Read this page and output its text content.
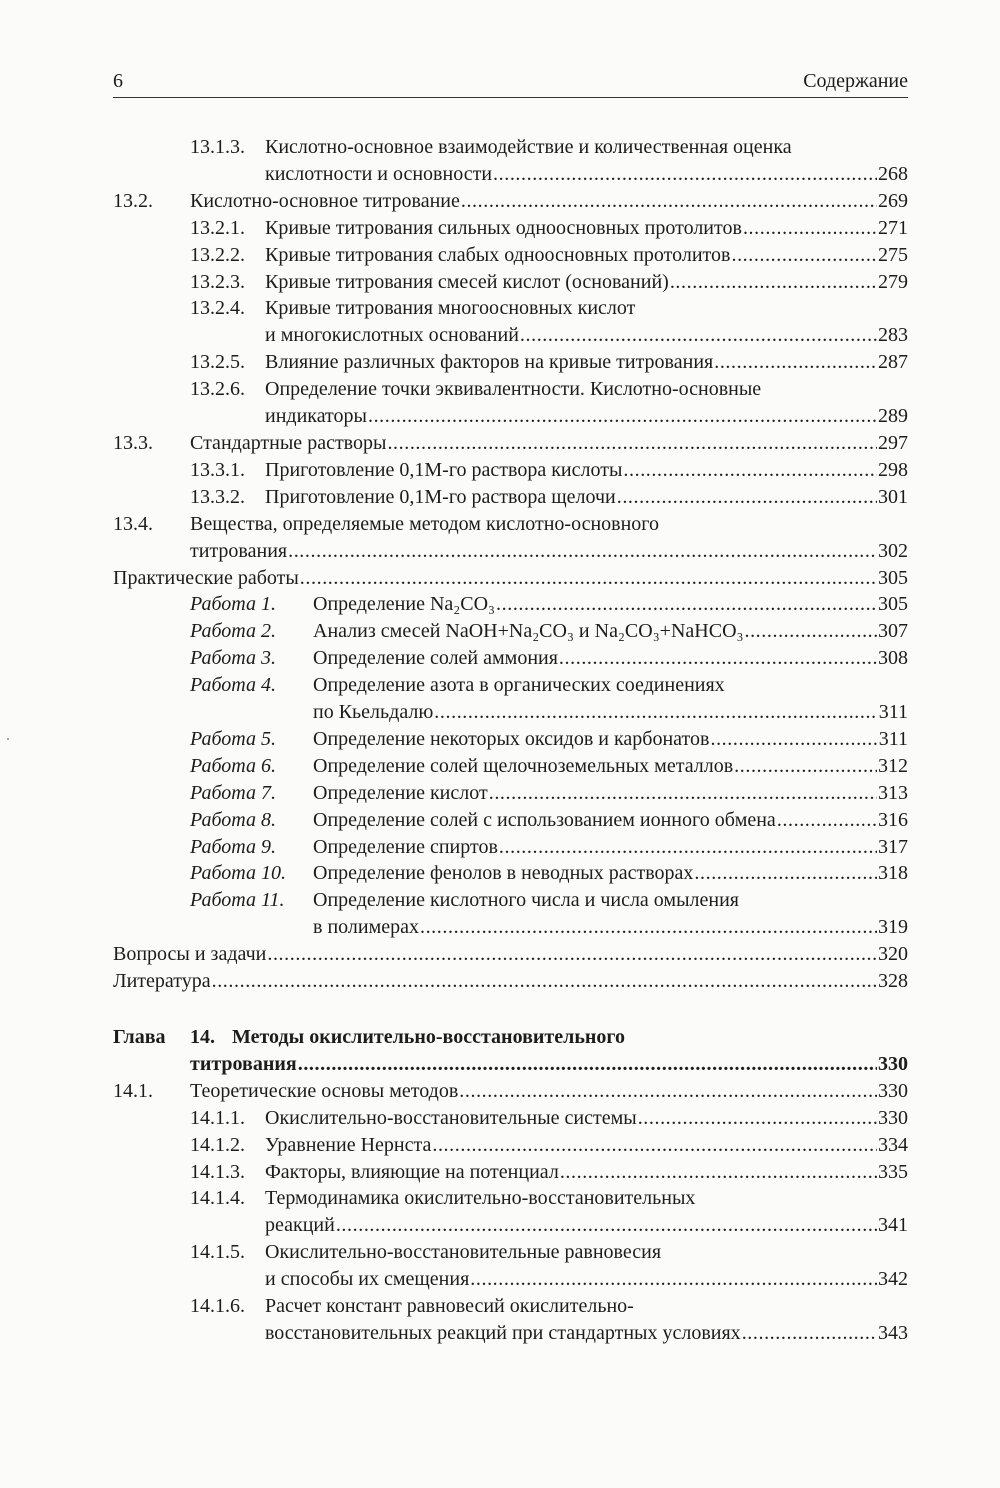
6	Содержание
13.1.3. Кислотно-основное взаимодействие и количественная оценка
кислотности и основности .....	268
13.2. Кислотно-основное титрование .....	269
13.2.1. Кривые титрования сильных одноосновных протолитов .....	271
13.2.2. Кривые титрования слабых одноосновных протолитов .....	275
13.2.3. Кривые титрования смесей кислот (оснований) .....	279
13.2.4. Кривые титрования многоосновных кислот
и многокислотных оснований .....	283
13.2.5. Влияние различных факторов на кривые титрования .....	287
13.2.6. Определение точки эквивалентности. Кислотно-основные
индикаторы .....	289
13.3. Стандартные растворы .....	297
13.3.1. Приготовление 0,1М-го раствора кислоты .....	298
13.3.2. Приготовление 0,1М-го раствора щелочи .....	301
13.4. Вещества, определяемые методом кислотно-основного
титрования .....	302
Практические работы .....	305
Работа 1. Определение Na₂CO₃ .....	305
Работа 2. Анализ смесей NaOH+Na₂CO₃ и Na₂CO₃+NaHCO₃ .....	307
Работа 3. Определение солей аммония .....	308
Работа 4. Определение азота в органических соединениях
по Кьельдалю .....	311
Работа 5. Определение некоторых оксидов и карбонатов .....	311
Работа 6. Определение солей щелочноземельных металлов .....	312
Работа 7. Определение кислот .....	313
Работа 8. Определение солей с использованием ионного обмена .....	316
Работа 9. Определение спиртов .....	317
Работа 10. Определение фенолов в неводных растворах .....	318
Работа 11. Определение кислотного числа и числа омыления
в полимерах .....	319
Вопросы и задачи .....	320
Литература .....	328
Глава 14. Методы окислительно-восстановительного
титрования .....	330
14.1. Теоретические основы методов .....	330
14.1.1. Окислительно-восстановительные системы .....	330
14.1.2. Уравнение Нернста .....	334
14.1.3. Факторы, влияющие на потенциал .....	335
14.1.4. Термодинамика окислительно-восстановительных
реакций .....	341
14.1.5. Окислительно-восстановительные равновесия
и способы их смещения .....	342
14.1.6. Расчет констант равновесий окислительно-
восстановительных реакций при стандартных условиях .....	343
